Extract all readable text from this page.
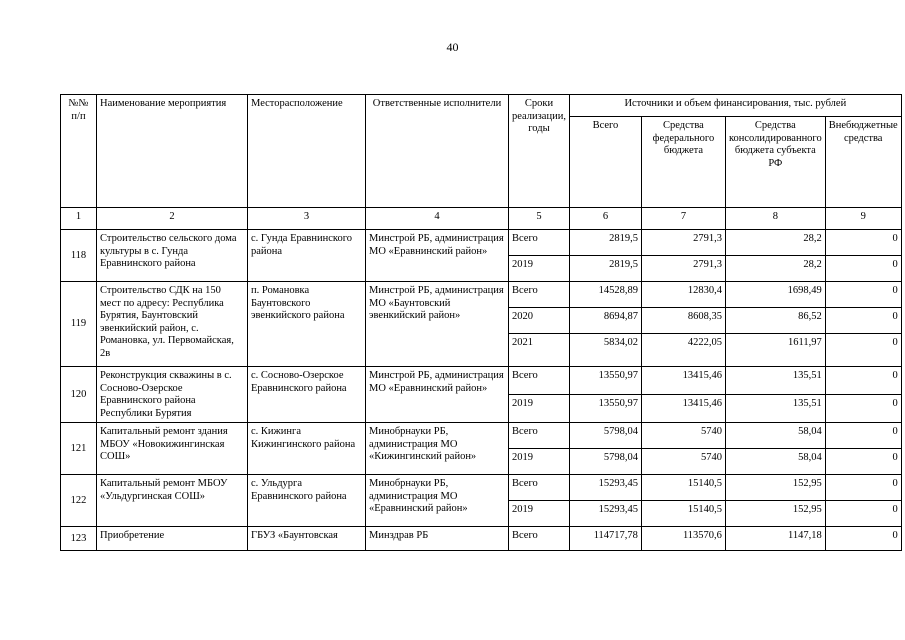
40
№№ п/п	Наименование мероприятия	Месторасположение	Ответственные исполнители	Сроки реализации, годы	Источники и объем финансирования, тыс. рублей			
					Всего	Средства федерального бюджета	Средства консолидированного бюджета субъекта РФ	Внебюджетные средства
1	2	3	4	5	6	7	8	9
118	Строительство сельского дома культуры в с. Гунда Еравнинского района	с. Гунда Еравнинского района	Минстрой РБ, администрация МО «Еравнинский район»	Всего	2819,5	2791,3	28,2	0
				2019	2819,5	2791,3	28,2	0
119	Строительство СДК на 150 мест по адресу: Республика Бурятия, Баунтовский эвенкийский район, с. Романовка, ул. Первомайская, 2в	п. Романовка Баунтовского эвенкийского района	Минстрой РБ, администрация МО «Баунтовский эвенкийский район»	Всего	14528,89	12830,4	1698,49	0
				2020	8694,87	8608,35	86,52	0
				2021	5834,02	4222,05	1611,97	0
120	Реконструкция скважины в с. Сосново-Озерское Еравнинского района Республики Бурятия	с. Сосново-Озерское Еравнинского района	Минстрой РБ, администрация МО «Еравнинский район»	Всего	13550,97	13415,46	135,51	0
				2019	13550,97	13415,46	135,51	0
121	Капитальный ремонт здания МБОУ «Новокижингинская СОШ»	с. Кижинга Кижингинского района	Минобрнауки РБ, администрация МО «Кижингинский район»	Всего	5798,04	5740	58,04	0
				2019	5798,04	5740	58,04	0
122	Капитальный ремонт МБОУ «Ульдургинская СОШ»	с. Ульдурга Еравнинского района	Минобрнауки РБ, администрация МО «Еравнинский район»	Всего	15293,45	15140,5	152,95	0
				2019	15293,45	15140,5	152,95	0
123	Приобретение	ГБУЗ «Баунтовская	Минздрав РБ	Всего	114717,78	113570,6	1147,18	0
